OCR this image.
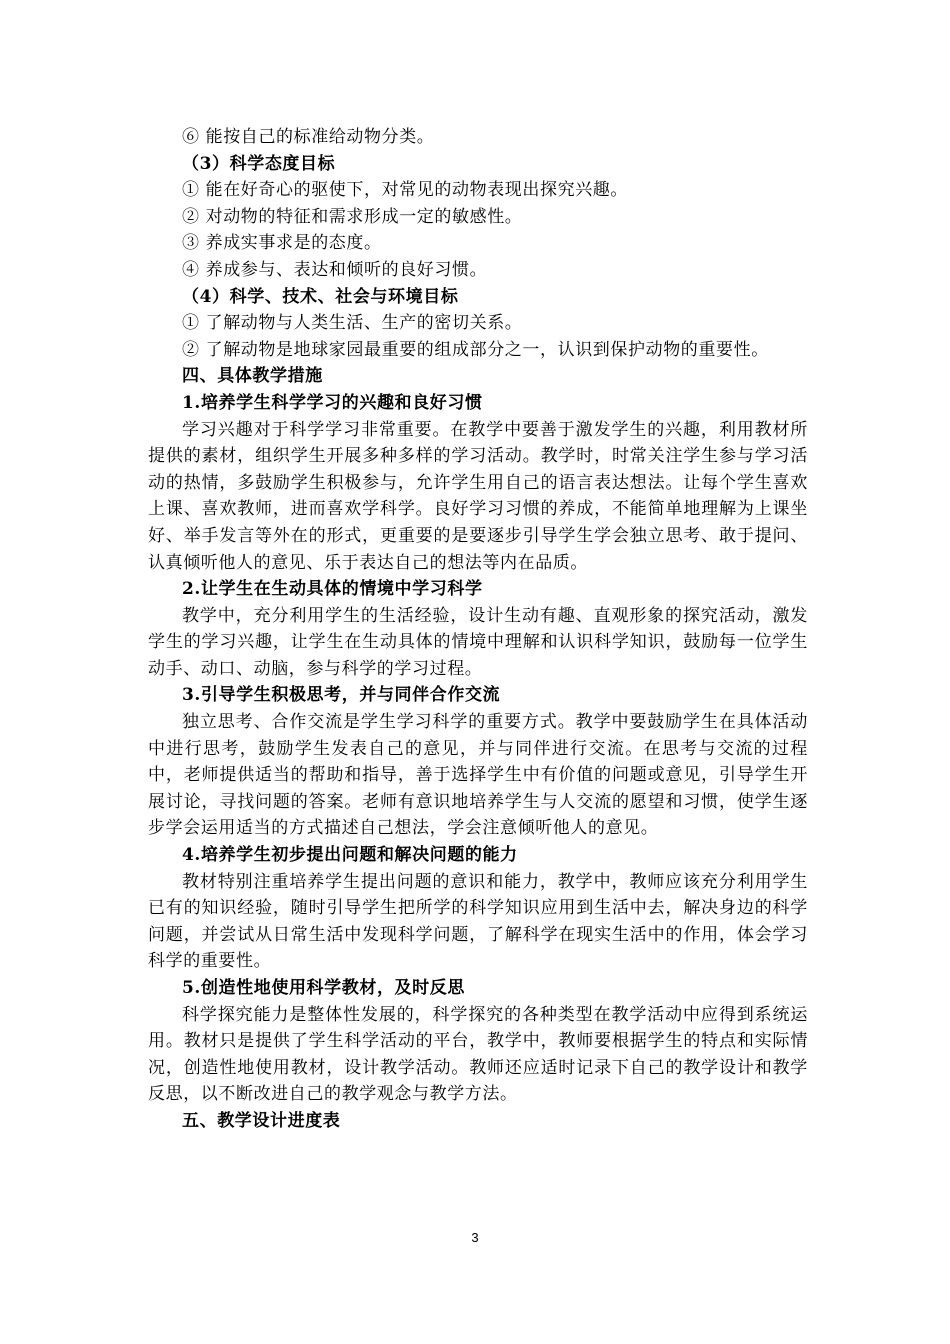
⑥ 能按自己的标准给动物分类。
（3）科学态度目标
① 能在好奇心的驱使下，对常见的动物表现出探究兴趣。
② 对动物的特征和需求形成一定的敏感性。
③ 养成实事求是的态度。
④ 养成参与、表达和倾听的良好习惯。
（4）科学、技术、社会与环境目标
① 了解动物与人类生活、生产的密切关系。
② 了解动物是地球家园最重要的组成部分之一，认识到保护动物的重要性。
四、具体教学措施
1.培养学生科学学习的兴趣和良好习惯
学习兴趣对于科学学习非常重要。在教学中要善于激发学生的兴趣，利用教材所提供的素材，组织学生开展多种多样的学习活动。教学时，时常关注学生参与学习活动的热情，多鼓励学生积极参与，允许学生用自己的语言表达想法。让每个学生喜欢上课、喜欢教师，进而喜欢学科学。良好学习习惯的养成，不能简单地理解为上课坐好、举手发言等外在的形式，更重要的是要逐步引导学生学会独立思考、敢于提问、认真倾听他人的意见、乐于表达自己的想法等内在品质。
2.让学生在生动具体的情境中学习科学
教学中，充分利用学生的生活经验，设计生动有趣、直观形象的探究活动，激发学生的学习兴趣，让学生在生动具体的情境中理解和认识科学知识，鼓励每一位学生动手、动口、动脑，参与科学的学习过程。
3.引导学生积极思考，并与同伴合作交流
独立思考、合作交流是学生学习科学的重要方式。教学中要鼓励学生在具体活动中进行思考，鼓励学生发表自己的意见，并与同伴进行交流。在思考与交流的过程中，老师提供适当的帮助和指导，善于选择学生中有价值的问题或意见，引导学生开展讨论，寻找问题的答案。老师有意识地培养学生与人交流的愿望和习惯，使学生逐步学会运用适当的方式描述自己想法，学会注意倾听他人的意见。
4.培养学生初步提出问题和解决问题的能力
教材特别注重培养学生提出问题的意识和能力，教学中，教师应该充分利用学生已有的知识经验，随时引导学生把所学的科学知识应用到生活中去，解决身边的科学问题，并尝试从日常生活中发现科学问题，了解科学在现实生活中的作用，体会学习科学的重要性。
5.创造性地使用科学教材，及时反思
科学探究能力是整体性发展的，科学探究的各种类型在教学活动中应得到系统运用。教材只是提供了学生科学活动的平台，教学中，教师要根据学生的特点和实际情况，创造性地使用教材，设计教学活动。教师还应适时记录下自己的教学设计和教学反思，以不断改进自己的教学观念与教学方法。
五、教学设计进度表
3
